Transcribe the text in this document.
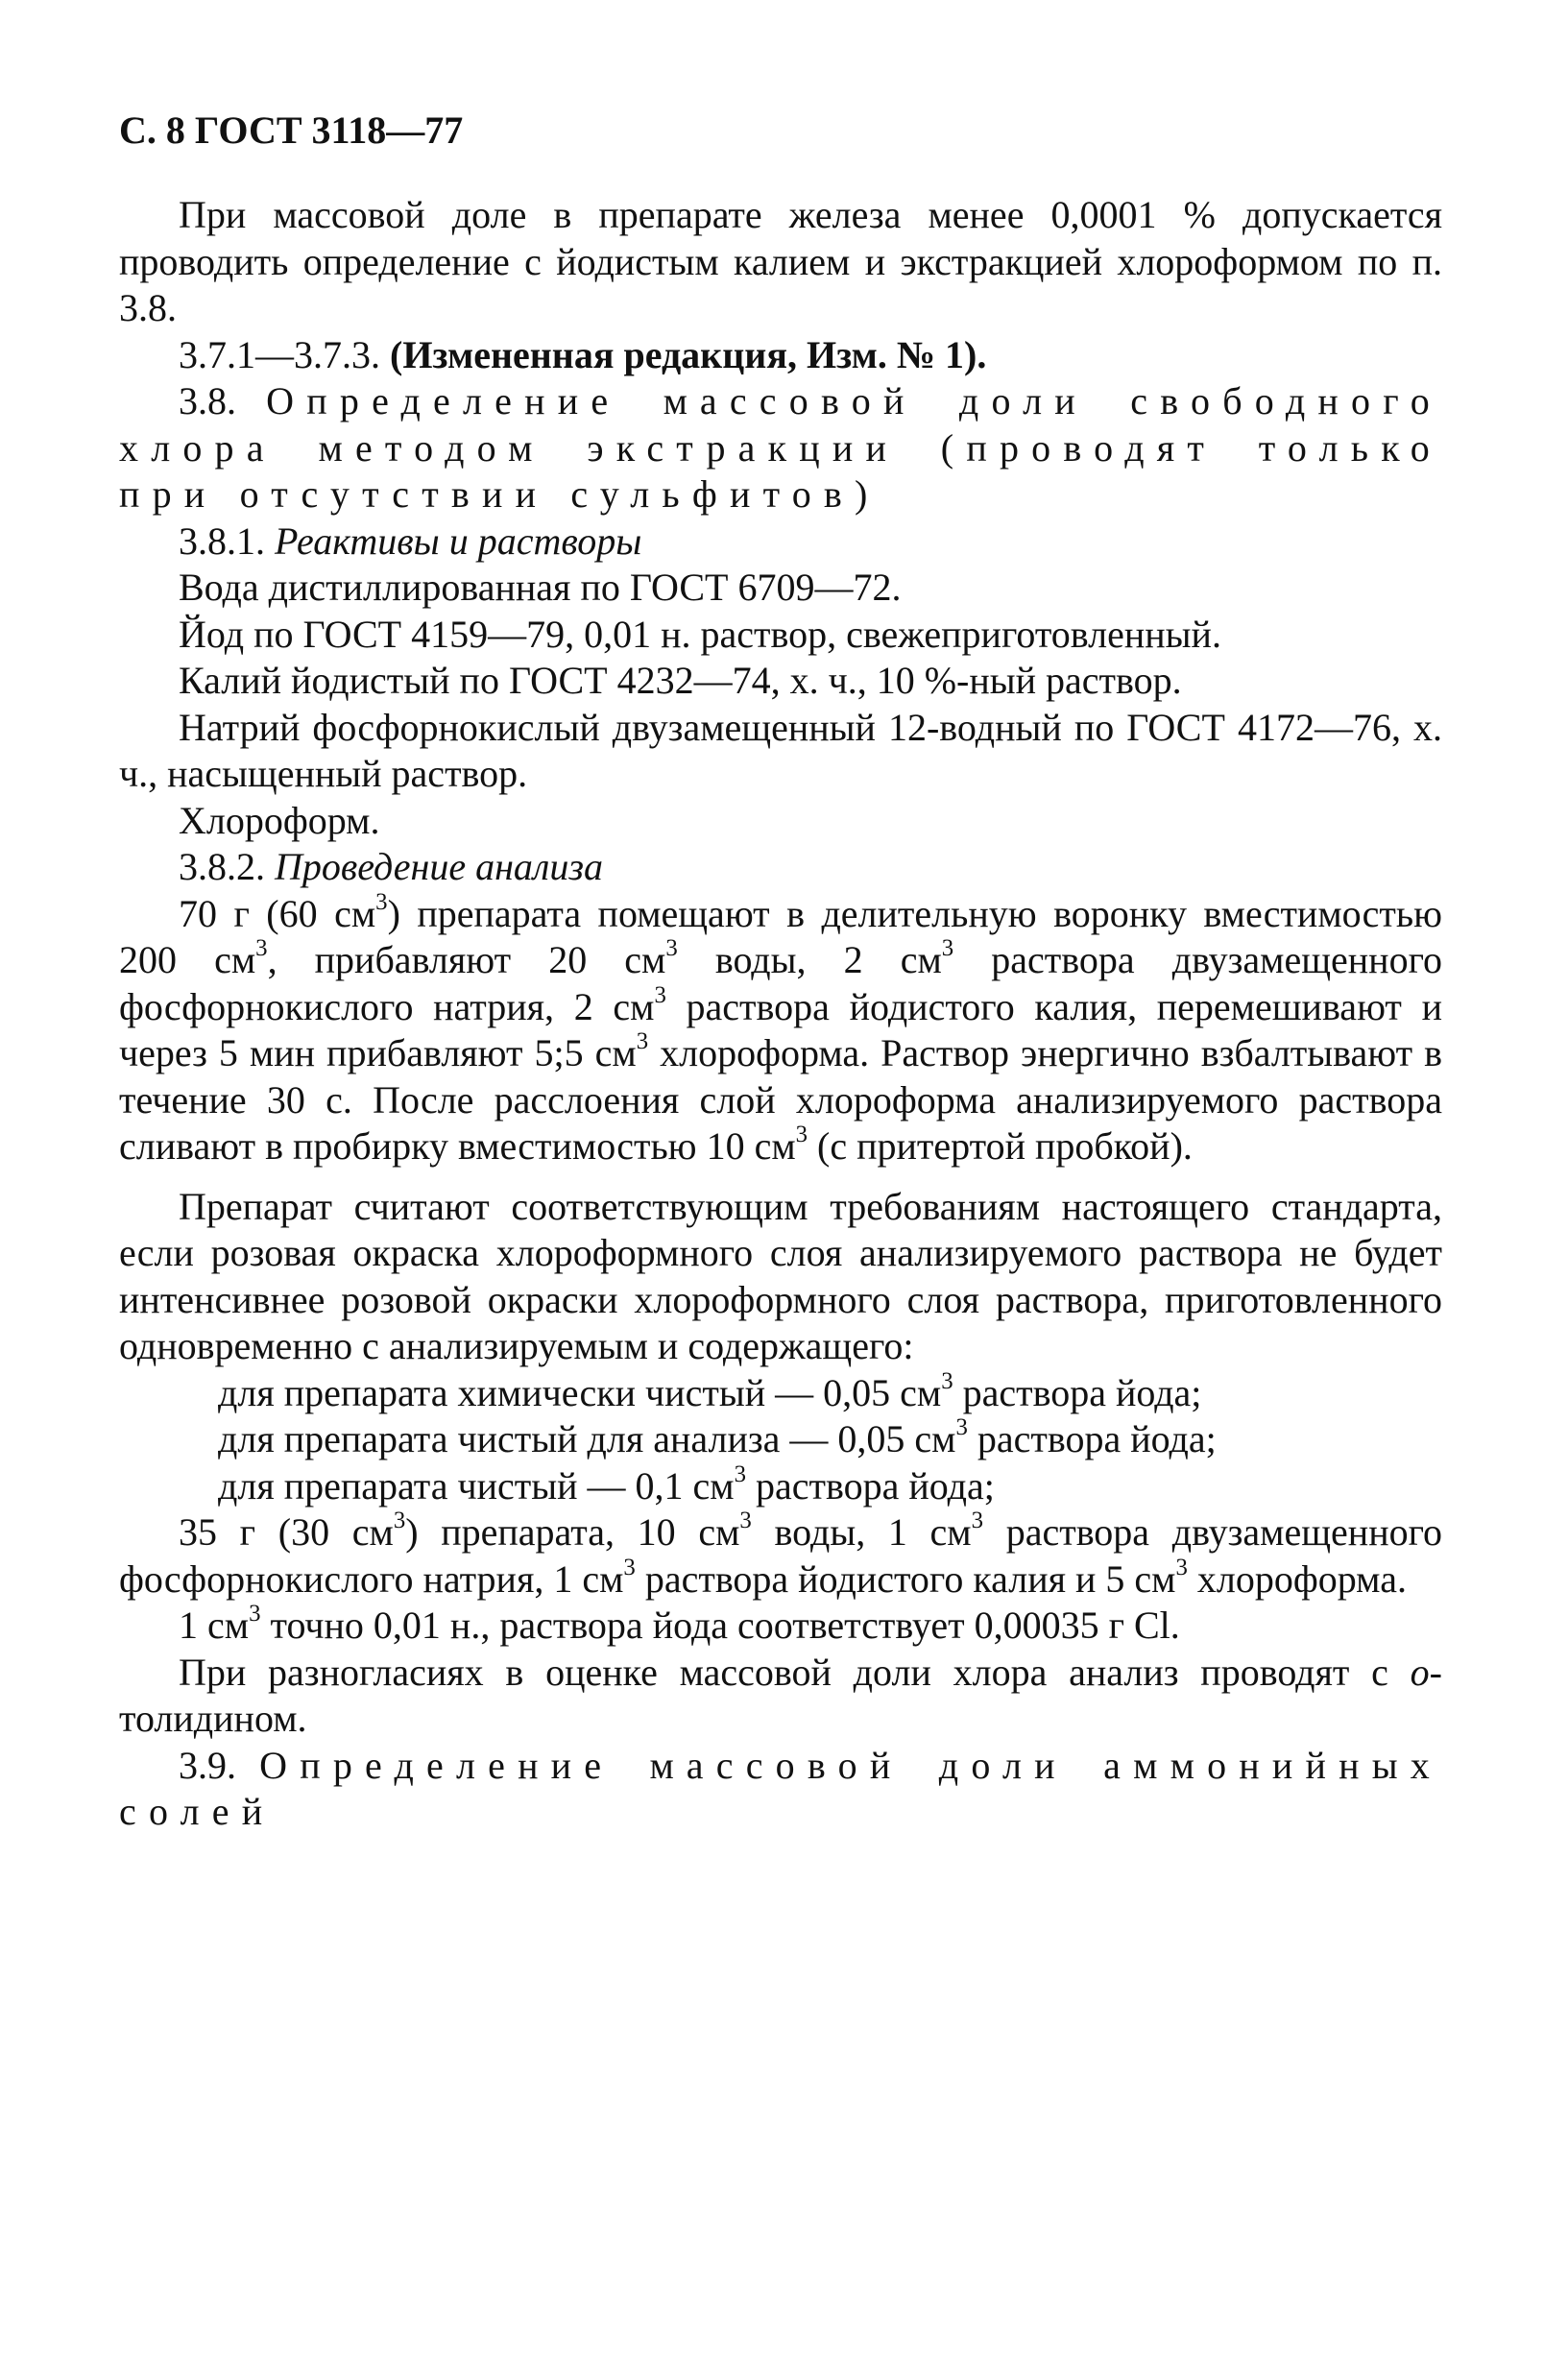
С. 8 ГОСТ 3118—77

При массовой доле в препарате железа менее 0,0001 % допускается проводить определение с йодистым калием и экстракцией хлороформом по п. 3.8.

3.7.1—3.7.3. (Измененная редакция, Изм. № 1).

3.8. Определение массовой доли свободного хлора методом экстракции (проводят только при отсутствии сульфитов)

3.8.1. Реактивы и растворы

Вода дистиллированная по ГОСТ 6709—72.

Йод по ГОСТ 4159—79, 0,01 н. раствор, свежеприготовленный.

Калий йодистый по ГОСТ 4232—74, х. ч., 10 %-ный раствор.

Натрий фосфорнокислый двузамещенный 12-водный по ГОСТ 4172—76, х. ч., насыщенный раствор.

Хлороформ.

3.8.2. Проведение анализа

70 г (60 $см^3$) препарата помещают в делительную воронку вместимостью 200 $см^3$, прибавляют 20 $см^3$ воды, 2 $см^3$ раствора двузамещенного фосфорнокислого натрия, 2 $см^3$ раствора йодистого калия, перемешивают и через 5 мин прибавляют 5;5 $см^3$ хлороформа. Раствор энергично взбалтывают в течение 30 с. После расслоения слой хлороформа анализируемого раствора сливают в пробирку вместимостью 10 $см^3$ (с притертой пробкой).

Препарат считают соответствующим требованиям настоящего стандарта, если розовая окраска хлороформного слоя анализируемого раствора не будет интенсивнее розовой окраски хлороформного слоя раствора, приготовленного одновременно с анализируемым и содержащего:

для препарата химически чистый — 0,05 $см^3$ раствора йода;

для препарата чистый для анализа — 0,05 $см^3$ раствора йода;

для препарата чистый — 0,1 $см^3$ раствора йода;

35 г (30 $см^3$) препарата, 10 $см^3$ воды, 1 $см^3$ раствора двузамещенного фосфорнокислого натрия, 1 $см^3$ раствора йодистого калия и 5 $см^3$ хлороформа.

1 $см^3$ точно 0,01 н., раствора йода соответствует 0,00035 г Cl.

При разногласиях в оценке массовой доли хлора анализ проводят с о-толидином.

3.9. Определение массовой доли аммонийных солей
